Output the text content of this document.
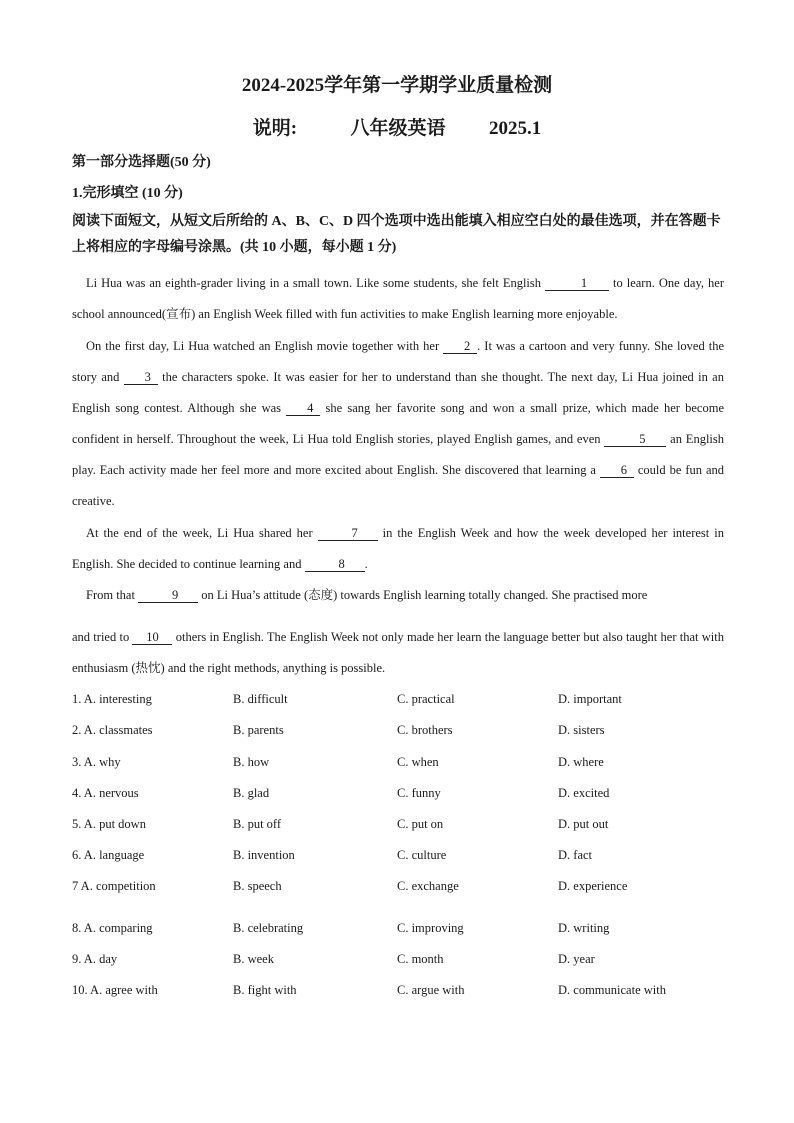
2024-2025学年第一学期学业质量检测
说明:	八年级英语 2025.1
第一部分选择题(50 分)
1.完形填空 (10 分)
阅读下面短文，从短文后所给的 A、B、C、D 四个选项中选出能填入相应空白处的最佳选项，并在答题卡上将相应的字母编号涂黑。(共 10 小题，每小题 1 分)
Li Hua was an eighth-grader living in a small town. Like some students, she felt English	1 to learn. One day, her school announced(宣布) an English Week filled with fun activities to make English learning more enjoyable.
On the first day, Li Hua watched an English movie together with her 2 . It was a cartoon and very funny. She loved the story and 3 the characters spoke. It was easier for her to understand than she thought. The next day, Li Hua joined in an English song contest. Although she was 4 she sang her favorite song and won a small prize, which made her become confident in herself. Throughout the week, Li Hua told English stories, played English games, and even	5 an English play. Each activity made her feel more and more excited about English. She discovered that learning a 6 could be fun and creative.
At the end of the week, Li Hua shared her	7 in the English Week and how the week developed her interest in English. She decided to continue learning and	8 .
From that	9 on Li Hua’s attitude (态度) towards English learning totally changed. She practised more
and tried to 10 others in English. The English Week not only made her learn the language better but also taught her that with enthusiasm (热忱) and the right methods, anything is possible.
1. A. interesting	B. difficult	C. practical	D. important
2. A. classmates	B. parents	C. brothers	D. sisters
3. A. why	B. how	C. when	D. where
4. A. nervous	B. glad	C. funny	D. excited
5. A. put down	B. put off	C. put on	D. put out
6. A. language	B. invention	C. culture	D. fact
7 A. competition	B. speech	C. exchange	D. experience
8. A. comparing	B. celebrating	C. improving	D. writing
9. A. day	B. week	C. month	D. year
10. A. agree with	B. fight with	C. argue with	D. communicate with
